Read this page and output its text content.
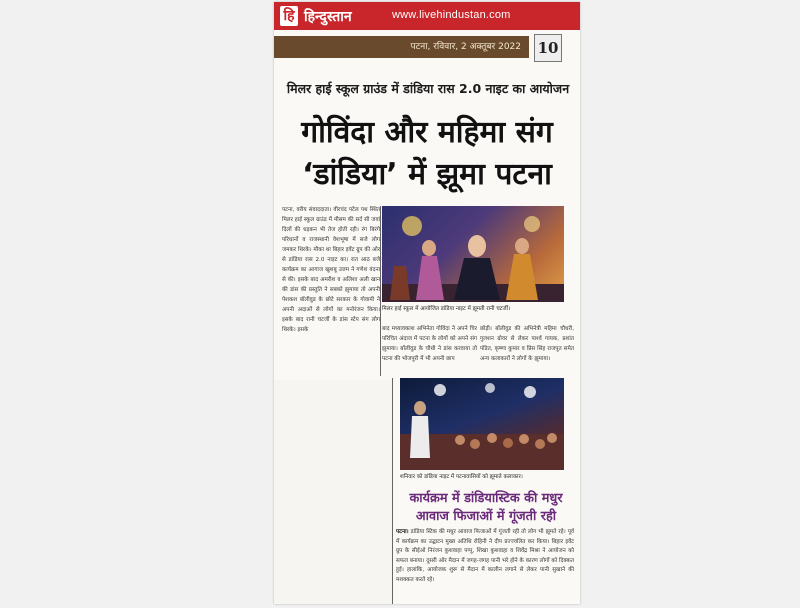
हि हिन्दुस्तान	www.livehindustan.com
पटना, रविवार, 2 अक्तूबर 2022	10
मिलर हाई स्कूल ग्राउंड में डांडिया रास 2.0 नाइट का आयोजन
गोविंदा और महिमा संग
‘डांडिया’ में झूमा पटना
पटना, वरीय संवाददाता। वीरचंद पटेल पथ स्थित मिलर हाई स्कूल ग्राउंड में मौसम की सर्द सी जवां दिलों की धड़कन भी तेज होती रही। रंग बिरंगे परिधानों व राजस्थानी वेशभूषा में सजे लोग जमकर थिरके। मौका था बिहार इवेंट ग्रुप की ओर से डांडिया रास 2.0 नाइट का। रात आठ बजे कार्यक्रम का आगाज खुशबू उत्तम ने गणेश वंदना से की। इसके बाद अमरीश व अलिशा अली खान की डांस की प्रस्तुति ने सबको झुमाया तो अपनी पेशकश बॉलीवुड के छोटे सरकार के गोवामी ने अपनी अदाओं से लोगों का मनोरंजन किया। इसके बाद रानी चटर्जी के डांस स्टेप संग लोग थिरके। इसके
मिलर हाई स्कूल में आयोजित डांडिया नाइट में झूमती रानी चटर्जी।
बाद मध्यावकाश अभिनेता गोविंदा ने अपने चिर परिचित अंदाज में पटना के लोगों को अपने संग झुमाया। बॉलीवुड के चौथी ने डांस करवाया तो पटना की भोजपुरी में भी अपनी छाप
छोड़ी। बॉलीवुड की अभिनेत्री महिमा चौधरी, गुलशन ग्रोवर से लेकर पार्श्व गायक, प्रशांत पंडित, कृष्णा कुमार व प्रिंस सिंह राजपूत समेत अन्य कलाकारों ने लोगों के झुमाया।
शनिवार को डांडिया नाइट में पटनावासियों को झूमाते कलाकार।
कार्यक्रम में डांडियास्टिक की मधुर
आवाज फिजाओं में गूंजती रही
पटना। डांडिया स्टिक की मधुर आवाज फिजाओं में गूंजती रही तो लोग भी झूमते रहे। पूर्व में कार्यक्रम का उद्घाटन मुख्य अतिथि रोहिनी ने दीप प्रज्ज्वलित कर किया। बिहार इवेंट ग्रुप के सीईओ निरंजन कुशवाहा पप्पू, शिखा कुशवाहा व शिवेंद्र मिश्रा ने आयोजन को सफल बनाया। दूसरी ओर मैदान में जगह-जगह पानी भरे होने के कारण लोगों को दिक्कत हुई। हालांकि, आयोजक शुरू से मैदान में कालीन लगाने से लेकर पानी सुखाने की मशक्कत करते रहे।
